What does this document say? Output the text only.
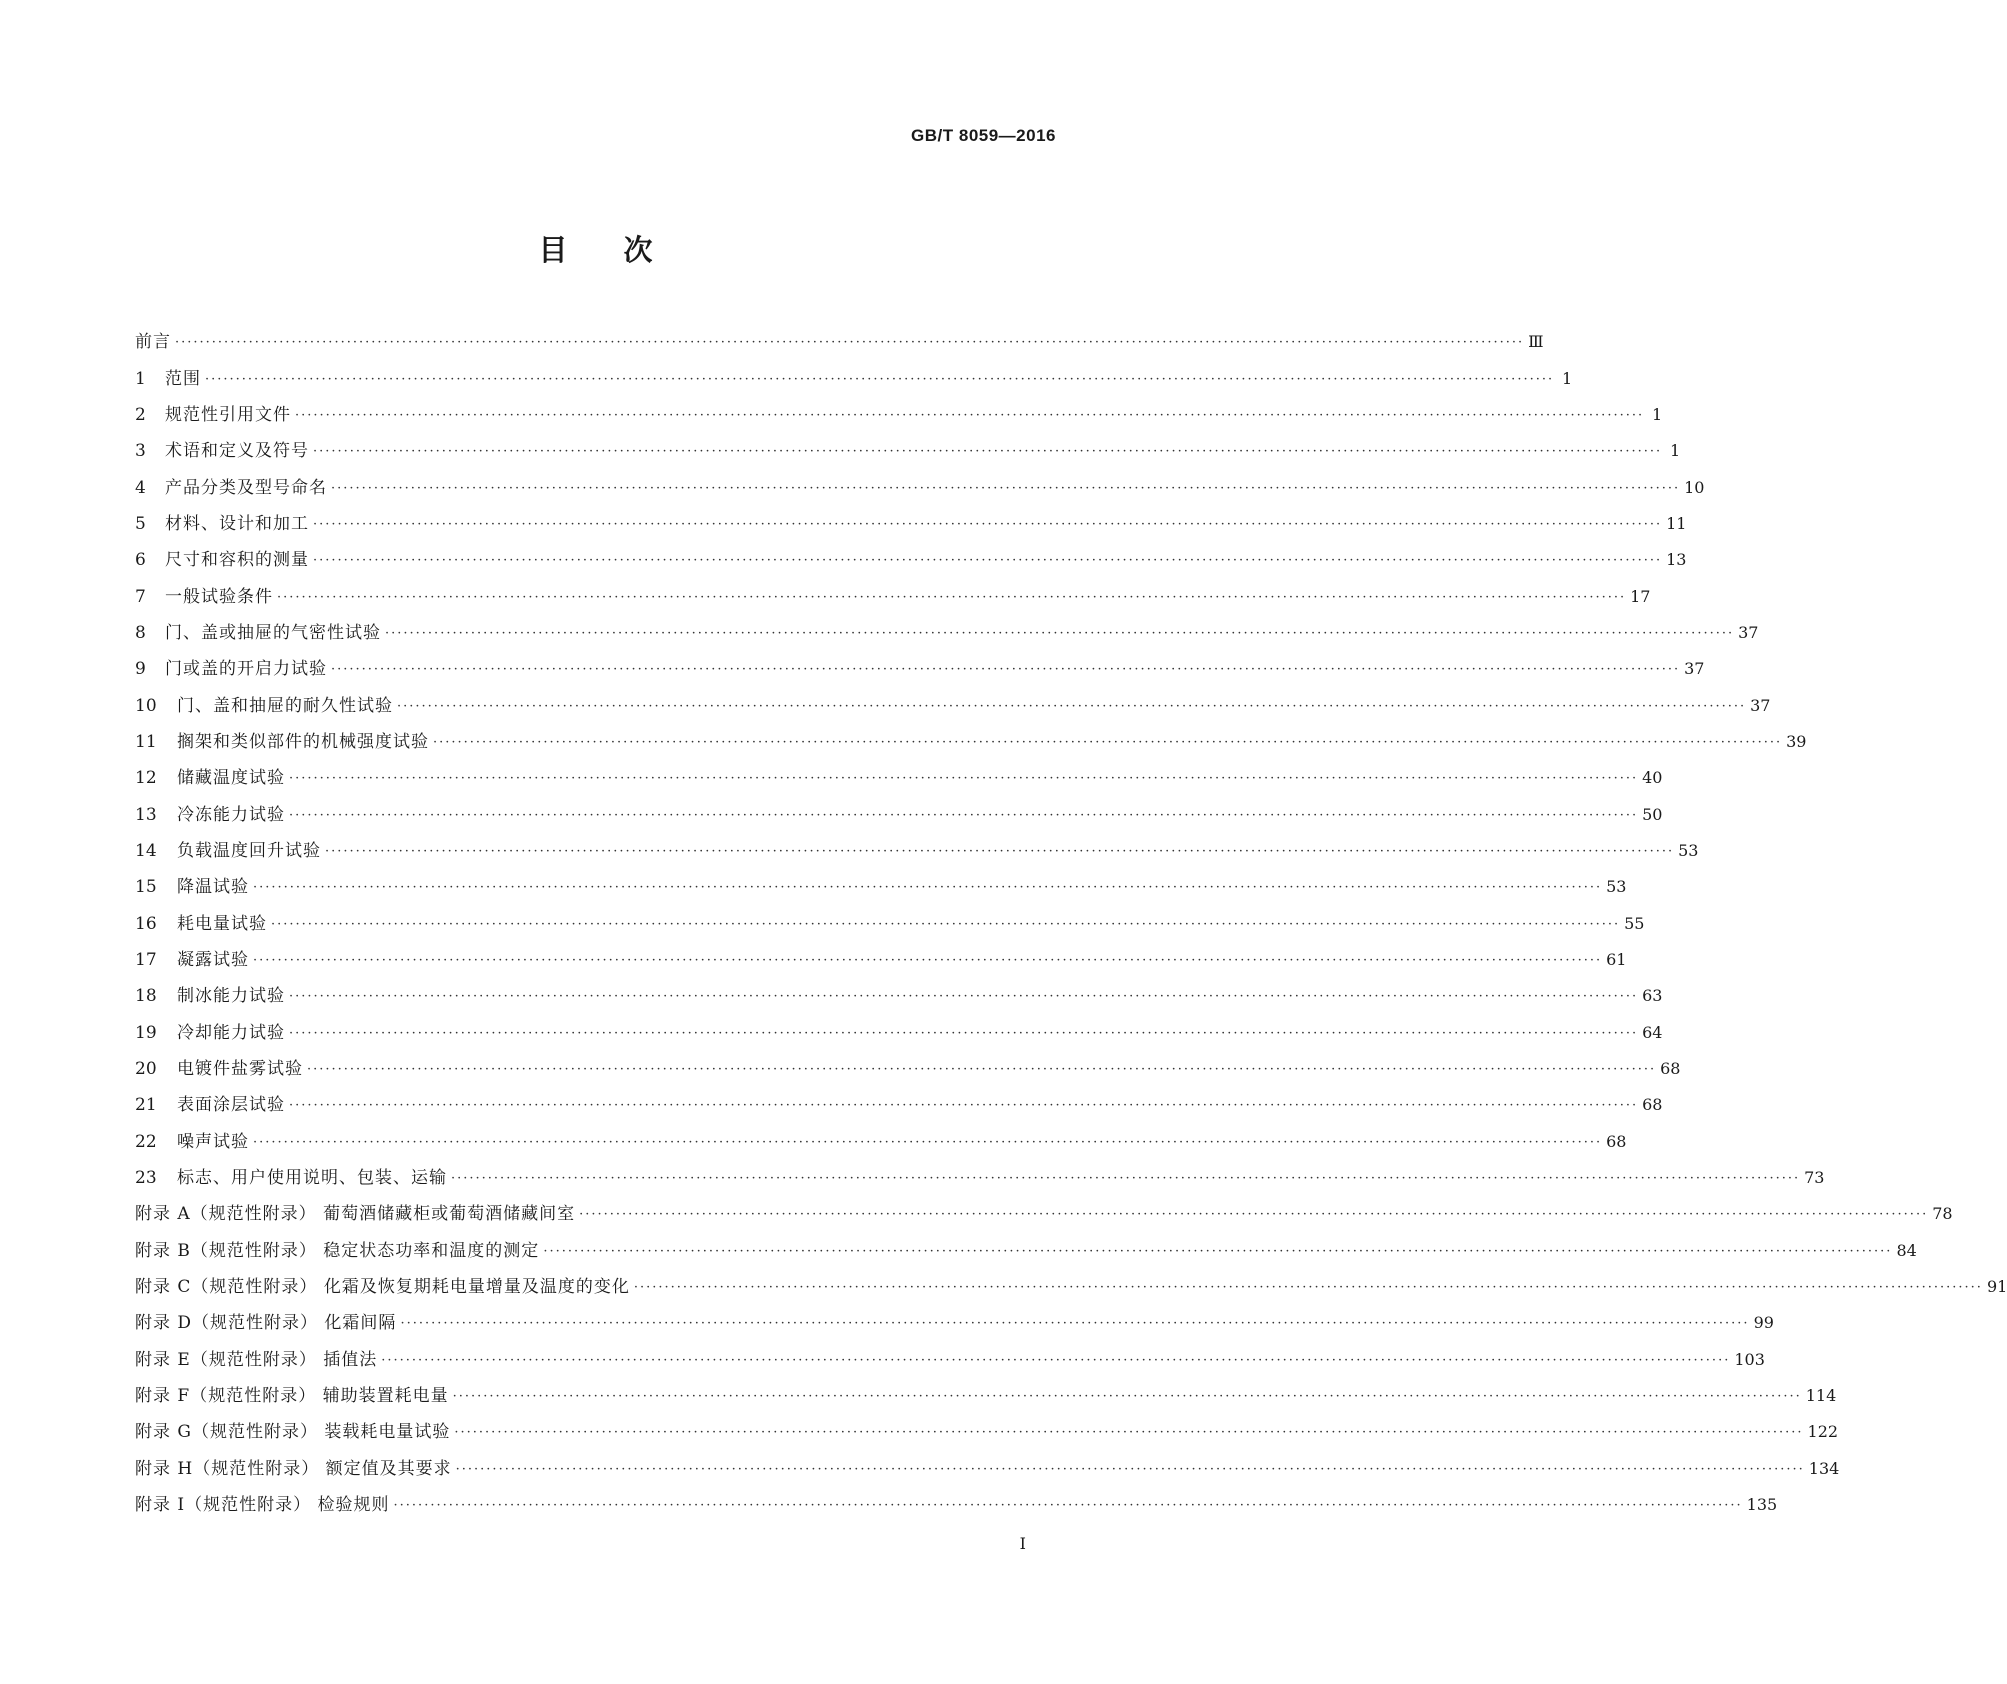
GB/T 8059—2016
目次
前言 ···························································································································································································································· Ⅲ
1	范围 ···························································································································································································································· 1
2	规范性引用文件 ···························································································································································································································· 1
3	术语和定义及符号 ···························································································································································································································· 1
4	产品分类及型号命名 ···························································································································································································································· 10
5	材料、设计和加工 ···························································································································································································································· 11
6	尺寸和容积的测量 ···························································································································································································································· 13
7	一般试验条件 ···························································································································································································································· 17
8	门、盖或抽屉的气密性试验 ···························································································································································································································· 37
9	门或盖的开启力试验 ···························································································································································································································· 37
10	门、盖和抽屉的耐久性试验 ···························································································································································································································· 37
11	搁架和类似部件的机械强度试验 ···························································································································································································································· 39
12	储藏温度试验 ···························································································································································································································· 40
13	冷冻能力试验 ···························································································································································································································· 50
14	负载温度回升试验 ···························································································································································································································· 53
15	降温试验 ···························································································································································································································· 53
16	耗电量试验 ···························································································································································································································· 55
17	凝露试验 ···························································································································································································································· 61
18	制冰能力试验 ···························································································································································································································· 63
19	冷却能力试验 ···························································································································································································································· 64
20	电镀件盐雾试验 ···························································································································································································································· 68
21	表面涂层试验 ···························································································································································································································· 68
22	噪声试验 ···························································································································································································································· 68
23	标志、用户使用说明、包装、运输 ···························································································································································································································· 73
附录 A（规范性附录） 葡萄酒储藏柜或葡萄酒储藏间室 ···························································································································································································································· 78
附录 B（规范性附录） 稳定状态功率和温度的测定 ···························································································································································································································· 84
附录 C（规范性附录） 化霜及恢复期耗电量增量及温度的变化 ···························································································································································································································· 91
附录 D（规范性附录） 化霜间隔 ···························································································································································································································· 99
附录 E（规范性附录） 插值法 ···························································································································································································································· 103
附录 F（规范性附录） 辅助装置耗电量 ···························································································································································································································· 114
附录 G（规范性附录） 装载耗电量试验 ···························································································································································································································· 122
附录 H（规范性附录） 额定值及其要求 ···························································································································································································································· 134
附录 I（规范性附录） 检验规则 ···························································································································································································································· 135
I
